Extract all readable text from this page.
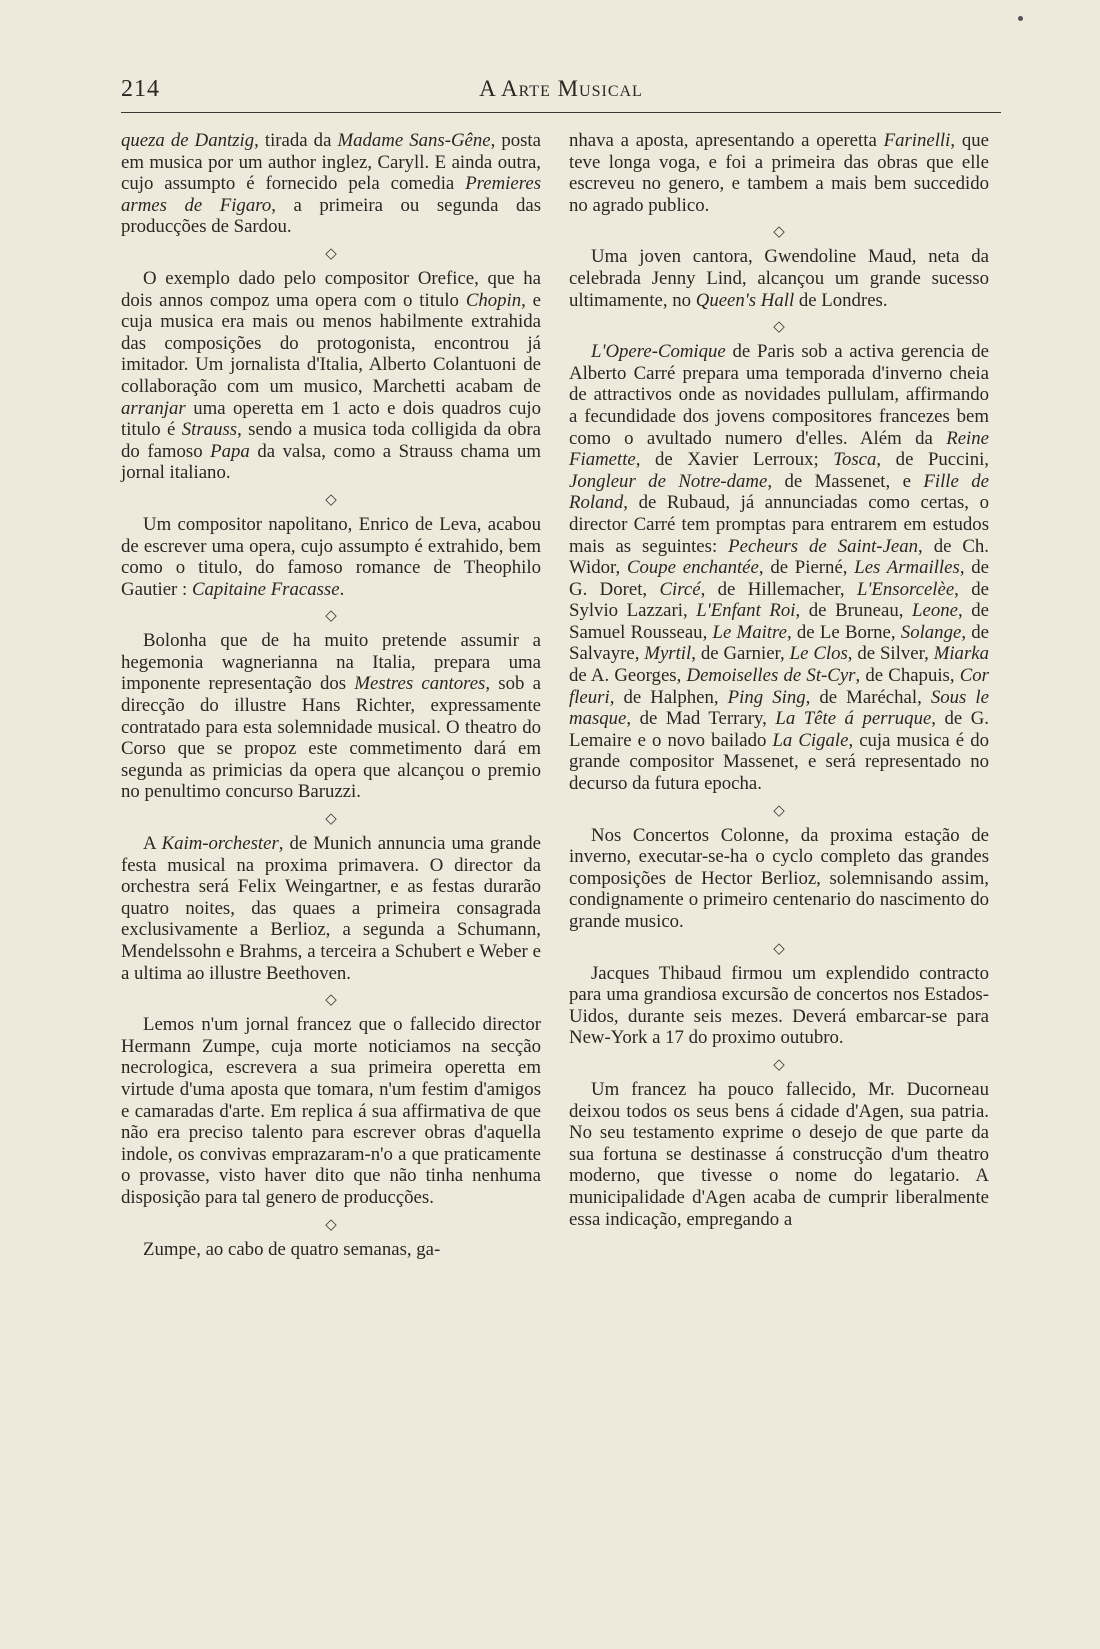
214	A Arte Musical

queza de Dantzig, tirada da Madame Sans-Gêne, posta em musica por um author inglez, Caryll. E ainda outra, cujo assumpto é fornecido pela comedia Premieres armes de Figaro, a primeira ou segunda das producções de Sardou.

◇

O exemplo dado pelo compositor Orefice, que ha dois annos compoz uma opera com o titulo Chopin, e cuja musica era mais ou menos habilmente extrahida das composições do protogonista, encontrou já imitador. Um jornalista d'Italia, Alberto Colantuoni de collaboração com um musico, Marchetti acabam de arranjar uma operetta em 1 acto e dois quadros cujo titulo é Strauss, sendo a musica toda colligida da obra do famoso Papa da valsa, como a Strauss chama um jornal italiano.

◇

Um compositor napolitano, Enrico de Leva, acabou de escrever uma opera, cujo assumpto é extrahido, bem como o titulo, do famoso romance de Theophilo Gautier : Capitaine Fracasse.

◇

Bolonha que de ha muito pretende assumir a hegemonia wagnerianna na Italia, prepara uma imponente representação dos Mestres cantores, sob a direcção do illustre Hans Richter, expressamente contratado para esta solemnidade musical. O theatro do Corso que se propoz este commetimento dará em segunda as primicias da opera que alcançou o premio no penultimo concurso Baruzzi.

◇

A Kaim-orchester, de Munich annuncia uma grande festa musical na proxima primavera. O director da orchestra será Felix Weingartner, e as festas durarão quatro noites, das quaes a primeira consagrada exclusivamente a Berlioz, a segunda a Schumann, Mendelssohn e Brahms, a terceira a Schubert e Weber e a ultima ao illustre Beethoven.

◇

Lemos n'um jornal francez que o fallecido director Hermann Zumpe, cuja morte noticiamos na secção necrologica, escrevera a sua primeira operetta em virtude d'uma aposta que tomara, n'um festim d'amigos e camaradas d'arte. Em replica á sua affirmativa de que não era preciso talento para escrever obras d'aquella indole, os convivas emprazaram-n'o a que praticamente o provasse, visto haver dito que não tinha nenhuma disposição para tal genero de producções.

◇

Zumpe, ao cabo de quatro semanas, ga-

nhava a aposta, apresentando a operetta Farinelli, que teve longa voga, e foi a primeira das obras que elle escreveu no genero, e tambem a mais bem succedido no agrado publico.

◇

Uma joven cantora, Gwendoline Maud, neta da celebrada Jenny Lind, alcançou um grande sucesso ultimamente, no Queen's Hall de Londres.

◇

L'Opere-Comique de Paris sob a activa gerencia de Alberto Carré prepara uma temporada d'inverno cheia de attractivos onde as novidades pullulam, affirmando a fecundidade dos jovens compositores francezes bem como o avultado numero d'elles. Além da Reine Fiamette, de Xavier Lerroux; Tosca, de Puccini, Jongleur de Notre-dame, de Massenet, e Fille de Roland, de Rubaud, já annunciadas como certas, o director Carré tem promptas para entrarem em estudos mais as seguintes: Pecheurs de Saint-Jean, de Ch. Widor, Coupe enchantée, de Pierné, Les Armailles, de G. Doret, Circé, de Hillemacher, L'Ensorcelèe, de Sylvio Lazzari, L'Enfant Roi, de Bruneau, Leone, de Samuel Rousseau, Le Maitre, de Le Borne, Solange, de Salvayre, Myrtil, de Garnier, Le Clos, de Silver, Miarka de A. Georges, Demoiselles de St-Cyr, de Chapuis, Cor fleuri, de Halphen, Ping Sing, de Maréchal, Sous le masque, de Mad Terrary, La Tête á perruque, de G. Lemaire e o novo bailado La Cigale, cuja musica é do grande compositor Massenet, e será representado no decurso da futura epocha.

◇

Nos Concertos Colonne, da proxima estação de inverno, executar-se-ha o cyclo completo das grandes composições de Hector Berlioz, solemnisando assim, condignamente o primeiro centenario do nascimento do grande musico.

◇

Jacques Thibaud firmou um explendido contracto para uma grandiosa excursão de concertos nos Estados-Uidos, durante seis mezes. Deverá embarcar-se para New-York a 17 do proximo outubro.

◇

Um francez ha pouco fallecido, Mr. Ducorneau deixou todos os seus bens á cidade d'Agen, sua patria. No seu testamento exprime o desejo de que parte da sua fortuna se destinasse á construcção d'um theatro moderno, que tivesse o nome do legatario. A municipalidade d'Agen acaba de cumprir liberalmente essa indicação, empregando a
